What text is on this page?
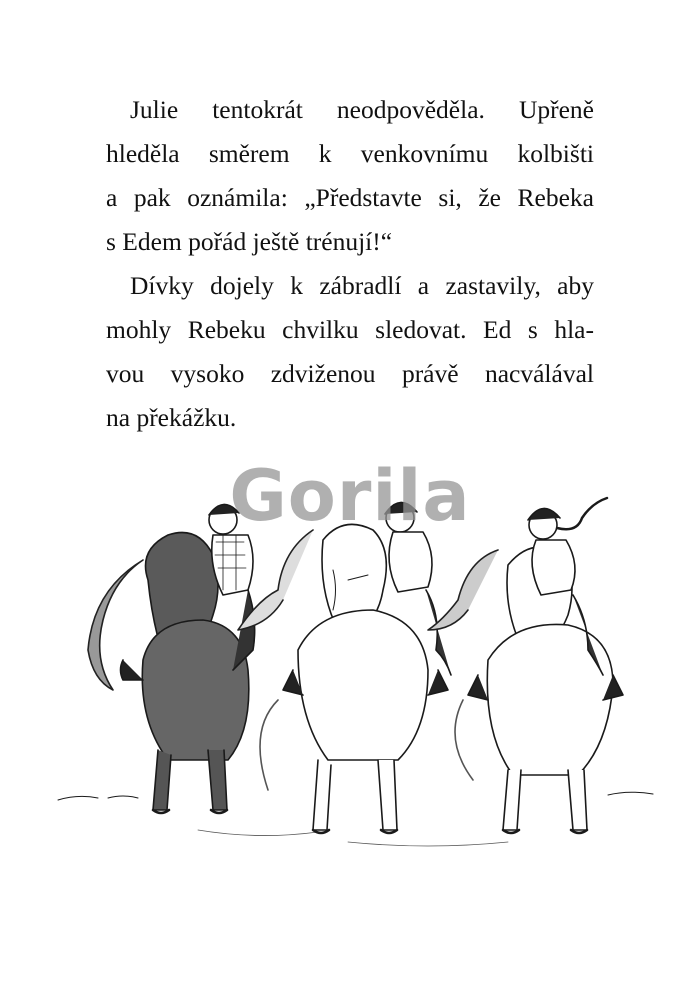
Julie tentokrát neodpověděla. Upřeně
hleděla směrem k venkovnímu kolbišti
a pak oznámila: „Představte si, že Rebeka
s Edem pořád ještě trénují!“

Dívky dojely k zábradlí a zastavily, aby
mohly Rebeku chvilku sledovat. Ed s hla-
vou vysoko zdviženou právě nacválával
na překážku.

Gorila
